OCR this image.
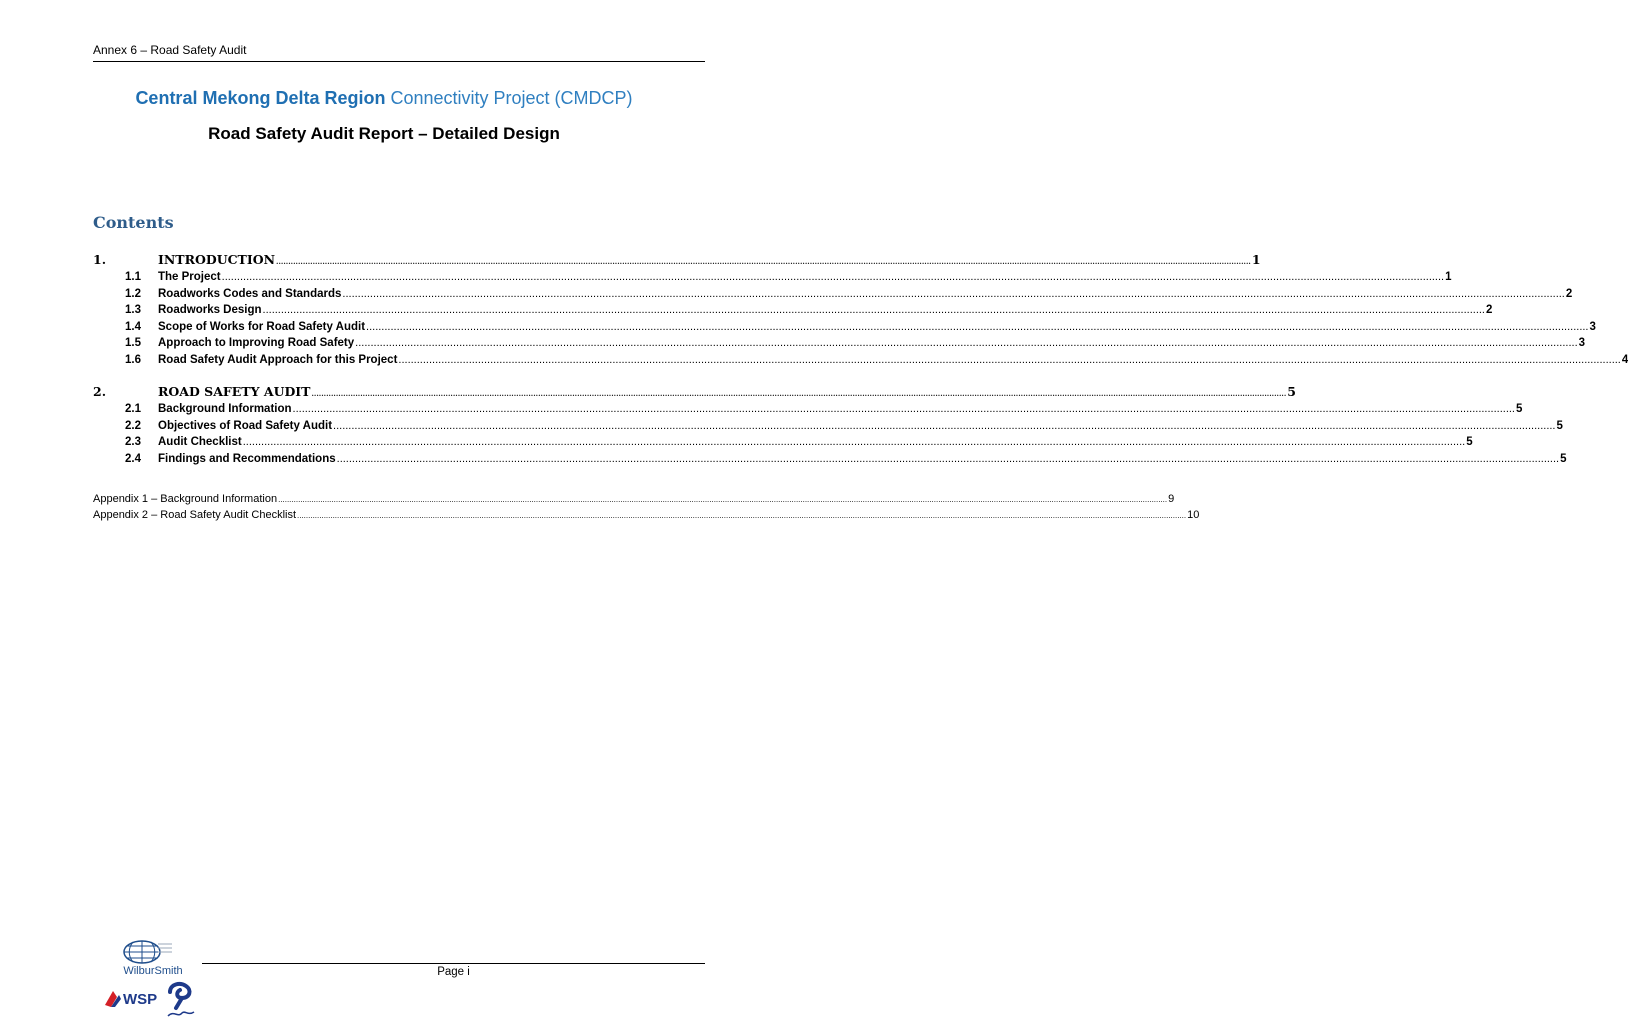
Annex 6 – Road Safety Audit
Central Mekong Delta Region Connectivity Project (CMDCP)
Road Safety Audit Report – Detailed Design
Contents
1.	INTRODUCTION ................................................................................................................................................................................................................................................................................................................................................................................................................ 1
1.1	The Project ................................................................................................................................................................................................................................................................................................................................................................................................................ 1
1.2	Roadworks Codes and Standards ................................................................................................................................................................................................................................................................................................................................................................................................................ 2
1.3	Roadworks Design ................................................................................................................................................................................................................................................................................................................................................................................................................ 2
1.4	Scope of Works for Road Safety Audit ................................................................................................................................................................................................................................................................................................................................................................................................................ 3
1.5	Approach to Improving Road Safety ................................................................................................................................................................................................................................................................................................................................................................................................................ 3
1.6	Road Safety Audit Approach for this Project ................................................................................................................................................................................................................................................................................................................................................................................................................ 4
2.	ROAD SAFETY AUDIT ................................................................................................................................................................................................................................................................................................................................................................................................................ 5
2.1	Background Information ................................................................................................................................................................................................................................................................................................................................................................................................................ 5
2.2	Objectives of Road Safety Audit ................................................................................................................................................................................................................................................................................................................................................................................................................ 5
2.3	Audit Checklist ................................................................................................................................................................................................................................................................................................................................................................................................................ 5
2.4	Findings and Recommendations ................................................................................................................................................................................................................................................................................................................................................................................................................ 5
Appendix 1 – Background Information ................................................................................................................................................................................................................................................................................................................................................................................................................ 9
Appendix 2 – Road Safety Audit Checklist ................................................................................................................................................................................................................................................................................................................................................................................................................ 10
WilburSmith
WSP
Page i
